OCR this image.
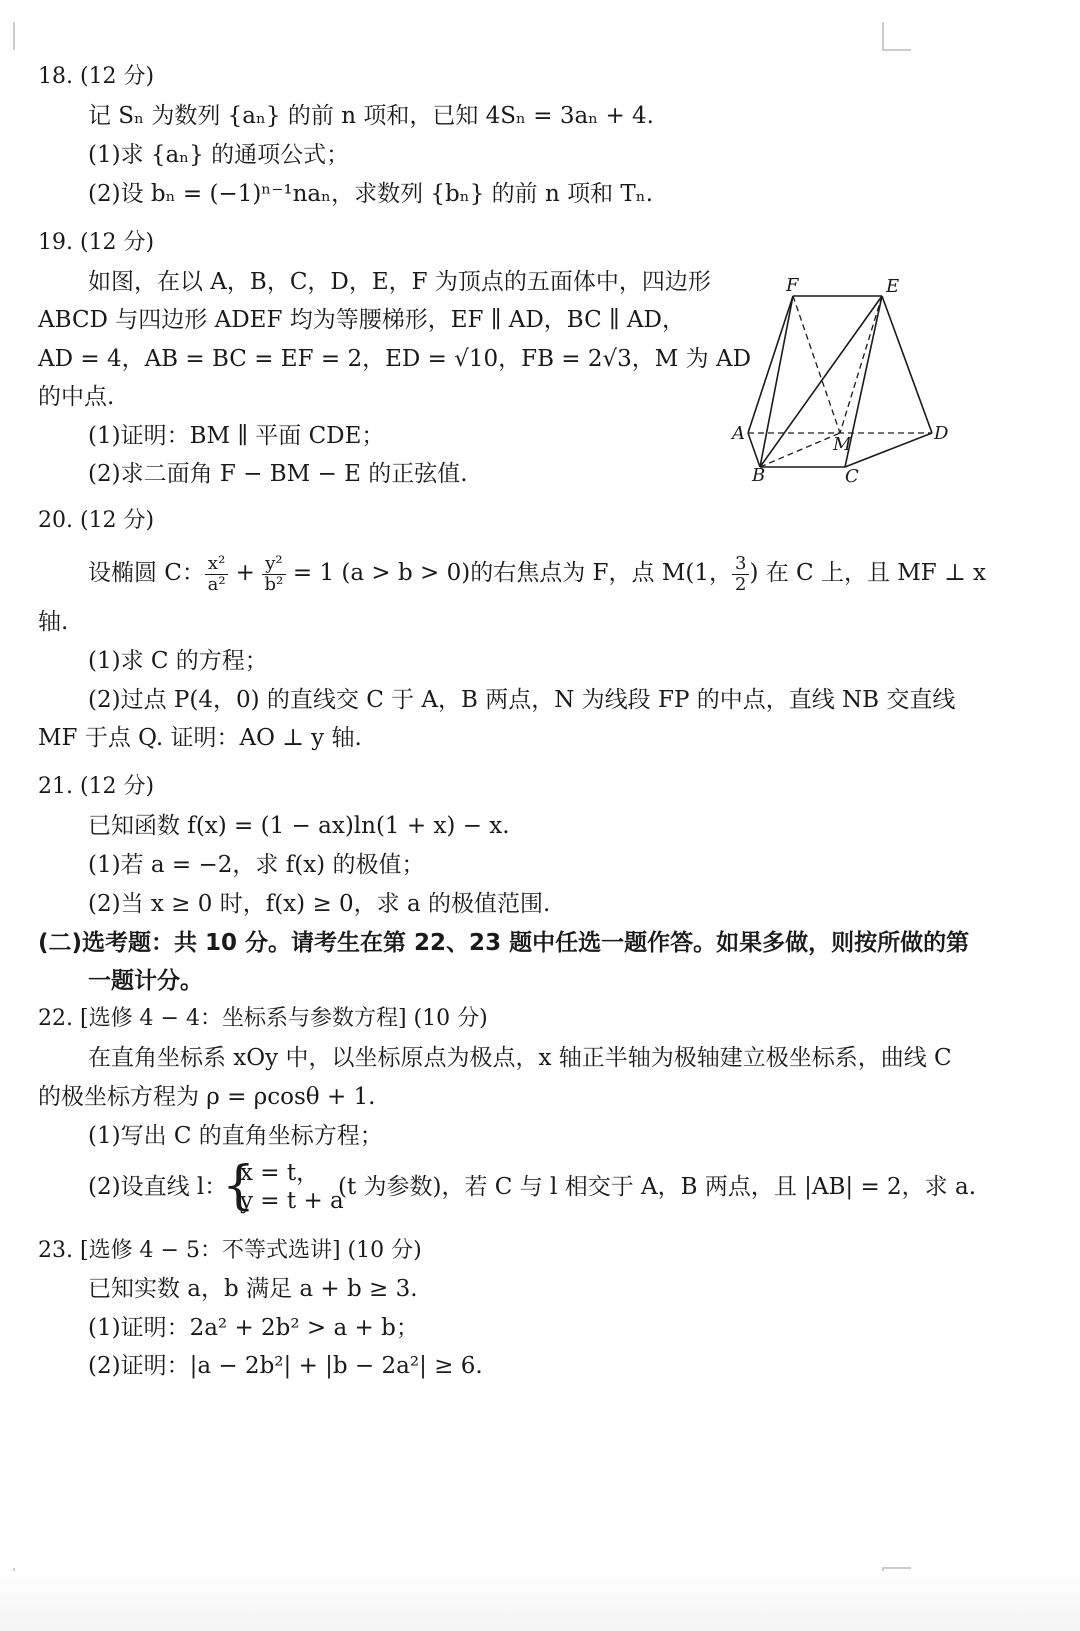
18. (12 分)
记 Sₙ 为数列 {aₙ} 的前 n 项和，已知 4Sₙ = 3aₙ + 4.
(1)求 {aₙ} 的通项公式；
(2)设 bₙ = (−1)ⁿ⁻¹naₙ，求数列 {bₙ} 的前 n 项和 Tₙ.
19. (12 分)
如图，在以 A，B，C，D，E，F 为顶点的五面体中，四边形
ABCD 与四边形 ADEF 均为等腰梯形，EF ∥ AD，BC ∥ AD，
AD = 4，AB = BC = EF = 2，ED = √10，FB = 2√3，M 为 AD
的中点.
(1)证明：BM ∥ 平面 CDE；
(2)求二面角 F − BM − E 的正弦值.
F	E
D
B	C
M
A
20. (12 分)
设椭圆 C： $\frac{\text{x²}}{\text{a²}} + \frac{\text{y²}}{\text{b²}} = 1$ (a > b > 0)的右焦点为 F，点 M(1， $\frac{3}{2}$ ) 在 C 上，且 MF ⊥ x
轴.
(1)求 C 的方程；
(2)过点 P(4，0) 的直线交 C 于 A，B 两点，N 为线段 FP 的中点，直线 NB 交直线
MF 于点 Q. 证明：AO ⊥ y 轴.
21. (12 分)
已知函数 f(x) = (1 − ax)ln(1 + x) − x.
(1)若 a = −2，求 f(x) 的极值；
(2)当 x ≥ 0 时，f(x) ≥ 0，求 a 的极值范围.
(二)选考题：共 10 分。请考生在第 22、23 题中任选一题作答。如果多做，则按所做的第
一题计分。
22. [选修 4 − 4：坐标系与参数方程] (10 分)
在直角坐标系 xOy 中，以坐标原点为极点，x 轴正半轴为极轴建立极坐标系，曲线 C
的极坐标方程为 ρ = ρcosθ + 1.
(1)写出 C 的直角坐标方程；
(2)设直线 l：
{
x = t，
y = t + a
(t 为参数)，若 C 与 l 相交于 A，B 两点，且 |AB| = 2，求 a.
23. [选修 4 − 5：不等式选讲] (10 分)
已知实数 a，b 满足 a + b ≥ 3.
(1)证明：2a² + 2b² > a + b；
(2)证明：|a − 2b²| + |b − 2a²| ≥ 6.
